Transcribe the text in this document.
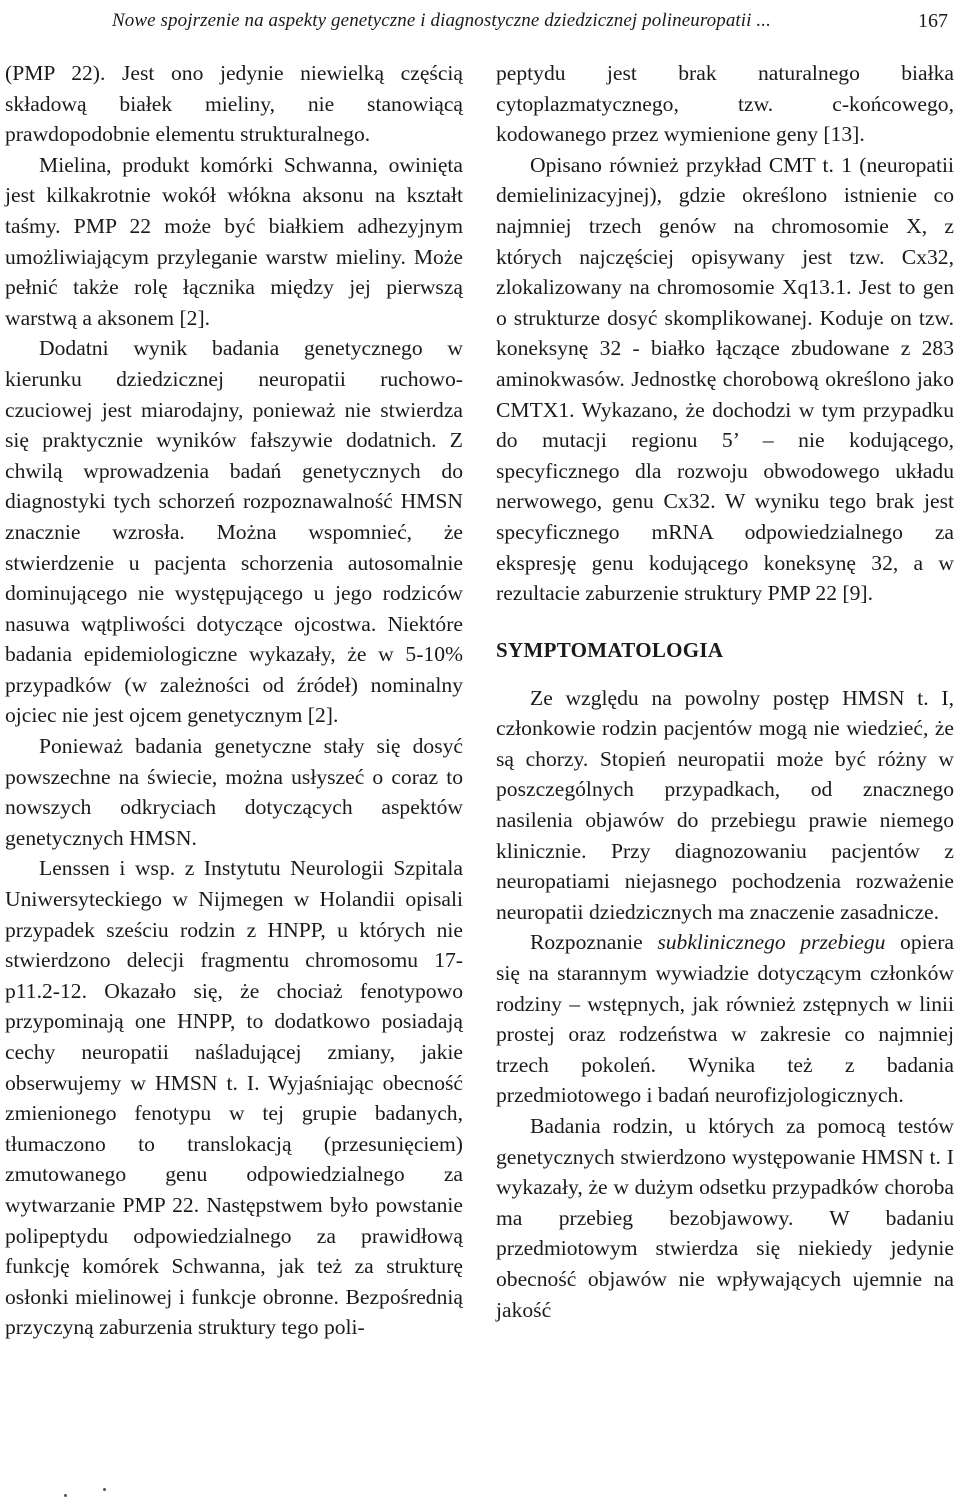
Nowe spojrzenie na aspekty genetyczne i diagnostyczne dziedzicznej polineuropatii ...	167

(PMP 22). Jest ono jedynie niewielką częścią składową białek mieliny, nie stanowiącą prawdopodobnie elementu strukturalnego.

Mielina, produkt komórki Schwanna, owinięta jest kilkakrotnie wokół włókna aksonu na kształt taśmy. PMP 22 może być białkiem adhezyjnym umożliwiającym przyleganie warstw mieliny. Może pełnić także rolę łącznika między jej pierwszą warstwą a aksonem [2].

Dodatni wynik badania genetycznego w kierunku dziedzicznej neuropatii ruchowo-czuciowej jest miarodajny, ponieważ nie stwierdza się praktycznie wyników fałszywie dodatnich. Z chwilą wprowadzenia badań genetycznych do diagnostyki tych schorzeń rozpoznawalność HMSN znacznie wzrosła. Można wspomnieć, że stwierdzenie u pacjenta schorzenia autosomalnie dominującego nie występującego u jego rodziców nasuwa wątpliwości dotyczące ojcostwa. Niektóre badania epidemiologiczne wykazały, że w 5-10% przypadków (w zależności od źródeł) nominalny ojciec nie jest ojcem genetycznym [2].

Ponieważ badania genetyczne stały się dosyć powszechne na świecie, można usłyszeć o coraz to nowszych odkryciach dotyczących aspektów genetycznych HMSN.

Lenssen i wsp. z Instytutu Neurologii Szpitala Uniwersyteckiego w Nijmegen w Holandii opisali przypadek sześciu rodzin z HNPP, u których nie stwierdzono delecji fragmentu chromosomu 17-p11.2-12. Okazało się, że chociaż fenotypowo przypominają one HNPP, to dodatkowo posiadają cechy neuropatii naśladującej zmiany, jakie obserwujemy w HMSN t. I. Wyjaśniając obecność zmienionego fenotypu w tej grupie badanych, tłumaczono to translokacją (przesunięciem) zmutowanego genu odpowiedzialnego za wytwarzanie PMP 22. Następstwem było powstanie polipeptydu odpowiedzialnego za prawidłową funkcję komórek Schwanna, jak też za strukturę osłonki mielinowej i funkcje obronne. Bezpośrednią przyczyną zaburzenia struktury tego poli-

peptydu jest brak naturalnego białka cytoplazmatycznego, tzw. c-końcowego, kodowanego przez wymienione geny [13].

Opisano również przykład CMT t. 1 (neuropatii demielinizacyjnej), gdzie określono istnienie co najmniej trzech genów na chromosomie X, z których najczęściej opisywany jest tzw. Cx32, zlokalizowany na chromosomie Xq13.1. Jest to gen o strukturze dosyć skomplikowanej. Koduje on tzw. koneksynę 32 - białko łączące zbudowane z 283 aminokwasów. Jednostkę chorobową określono jako CMTX1. Wykazano, że dochodzi w tym przypadku do mutacji regionu 5’ – nie kodującego, specyficznego dla rozwoju obwodowego układu nerwowego, genu Cx32. W wyniku tego brak jest specyficznego mRNA odpowiedzialnego za ekspresję genu kodującego koneksynę 32, a w rezultacie zaburzenie struktury PMP 22 [9].

SYMPTOMATOLOGIA

Ze względu na powolny postęp HMSN t. I, członkowie rodzin pacjentów mogą nie wiedzieć, że są chorzy. Stopień neuropatii może być różny w poszczególnych przypadkach, od znacznego nasilenia objawów do przebiegu prawie niemego klinicznie. Przy diagnozowaniu pacjentów z neuropatiami niejasnego pochodzenia rozważenie neuropatii dziedzicznych ma znaczenie zasadnicze.

Rozpoznanie subklinicznego przebiegu opiera się na starannym wywiadzie dotyczącym członków rodziny – wstępnych, jak również zstępnych w linii prostej oraz rodzeństwa w zakresie co najmniej trzech pokoleń. Wynika też z badania przedmiotowego i badań neurofizjologicznych.

Badania rodzin, u których za pomocą testów genetycznych stwierdzono występowanie HMSN t. I wykazały, że w dużym odsetku przypadków choroba ma przebieg bezobjawowy. W badaniu przedmiotowym stwierdza się niekiedy jedynie obecność objawów nie wpływających ujemnie na jakość
